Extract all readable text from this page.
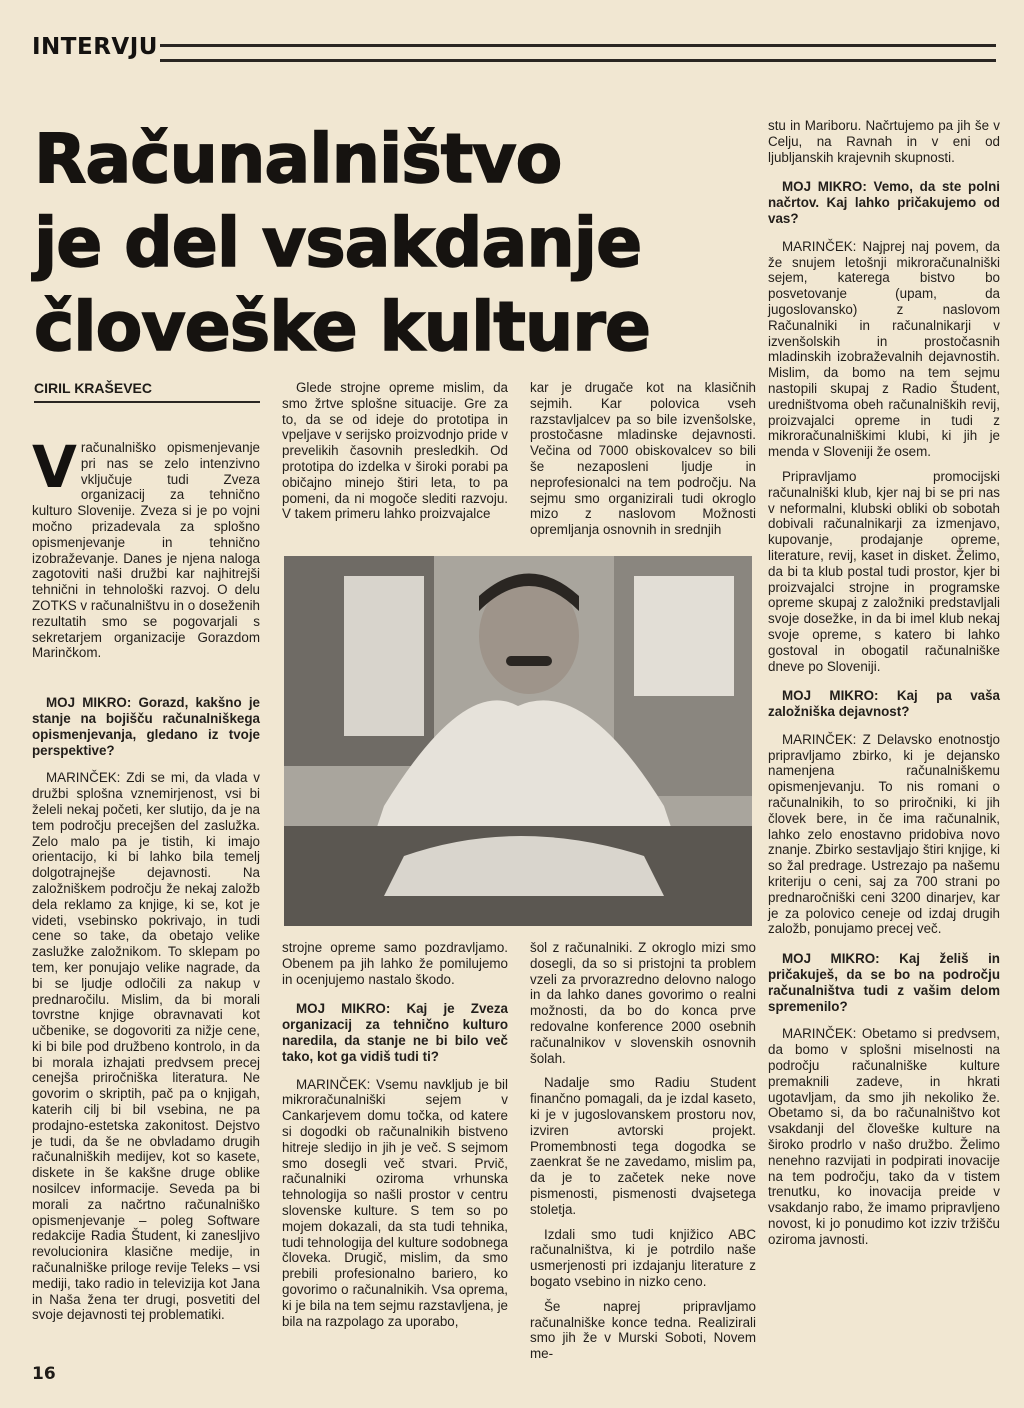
INTERVJU
Računalništvo
je del vsakdanje
človeške kulture
CIRIL KRAŠEVEC

Vračunalniško opismenjevanje pri nas se zelo intenzivno vključuje tudi Zveza organizacij za tehnično kulturo Slovenije. Zveza si je po vojni močno prizadevala za splošno opismenjevanje in tehnično izobraževanje. Danes je njena naloga zagotoviti naši družbi kar najhitrejši tehnični in tehnološki razvoj. O delu ZOTKS v računalništvu in o doseženih rezultatih smo se pogovarjali s sekretarjem organizacije Gorazdom Marinčkom.

MOJ MIKRO: Gorazd, kakšno je stanje na bojišču računalniškega opismenjevanja, gledano iz tvoje perspektive?

MARINČEK: Zdi se mi, da vlada v družbi splošna vznemirjenost, vsi bi želeli nekaj početi, ker slutijo, da je na tem področju precejšen del zaslužka. Zelo malo pa je tistih, ki imajo orientacijo, ki bi lahko bila temelj dolgotrajnejše dejavnosti. Na založniškem področju že nekaj založb dela reklamo za knjige, ki se, kot je videti, vsebinsko pokrivajo, in tudi cene so take, da obetajo velike zaslužke založnikom. To sklepam po tem, ker ponujajo velike nagrade, da bi se ljudje odločili za nakup v prednaročilu. Mislim, da bi morali tovrstne knjige obravnavati kot učbenike, se dogovoriti za nižje cene, ki bi bile pod družbeno kontrolo, in da bi morala izhajati predvsem precej cenejša priročniška literatura. Ne govorim o skriptih, pač pa o knjigah, katerih cilj bi bil vsebina, ne pa prodajno-estetska zakonitost. Dejstvo je tudi, da še ne obvladamo drugih računalniških medijev, kot so kasete, diskete in še kakšne druge oblike nosilcev informacije. Seveda pa bi morali za načrtno računalniško opismenjevanje – poleg Software redakcije Radia Študent, ki zanesljivo revolucionira klasične medije, in računalniške priloge revije Teleks – vsi mediji, tako radio in televizija kot Jana in Naša žena ter drugi, posvetiti del svoje dejavnosti tej problematiki.

Glede strojne opreme mislim, da smo žrtve splošne situacije. Gre za to, da se od ideje do prototipa in vpeljave v serijsko proizvodnjo pride v prevelikih časovnih presledkih. Od prototipa do izdelka v široki porabi pa običajno minejo štiri leta, to pa pomeni, da ni mogoče slediti razvoju. V takem primeru lahko proizvajalce

kar je drugače kot na klasičnih sejmih. Kar polovica vseh razstavljalcev pa so bile izvenšolske, prostočasne mladinske dejavnosti. Večina od 7000 obiskovalcev so bili še nezaposleni ljudje in neprofesionalci na tem področju. Na sejmu smo organizirali tudi okroglo mizo z naslovom Možnosti opremljanja osnovnih in srednjih

strojne opreme samo pozdravljamo. Obenem pa jih lahko že pomilujemo in ocenjujemo nastalo škodo.

MOJ MIKRO: Kaj je Zveza organizacij za tehnično kulturo naredila, da stanje ne bi bilo več tako, kot ga vidiš tudi ti?

MARINČEK: Vsemu navkljub je bil mikroračunalniški sejem v Cankarjevem domu točka, od katere si dogodki ob računalnikih bistveno hitreje sledijo in jih je več. S sejmom smo dosegli več stvari. Prvič, računalniki oziroma vrhunska tehnologija so našli prostor v centru slovenske kulture. S tem so po mojem dokazali, da sta tudi tehnika, tudi tehnologija del kulture sodobnega človeka. Drugič, mislim, da smo prebili profesionalno bariero, ko govorimo o računalnikih. Vsa oprema, ki je bila na tem sejmu razstavljena, je bila na razpolago za uporabo,

šol z računalniki. Z okroglo mizi smo dosegli, da so si pristojni ta problem vzeli za prvorazredno delovno nalogo in da lahko danes govorimo o realni možnosti, da bo do konca prve redovalne konference 2000 osebnih računalnikov v slovenskih osnovnih šolah.

Nadalje smo Radiu Student finančno pomagali, da je izdal kaseto, ki je v jugoslovanskem prostoru nov, izviren avtorski projekt. Promembnosti tega dogodka se zaenkrat še ne zavedamo, mislim pa, da je to začetek neke nove pismenosti, pismenosti dvajsetega stoletja.

Izdali smo tudi knjižico ABC računalništva, ki je potrdilo naše usmerjenosti pri izdajanju literature z bogato vsebino in nizko ceno.

Še naprej pripravljamo računalniške konce tedna. Realizirali smo jih že v Murski Soboti, Novem me-

stu in Mariboru. Načrtujemo pa jih še v Celju, na Ravnah in v eni od ljubljanskih krajevnih skupnosti.

MOJ MIKRO: Vemo, da ste polni načrtov. Kaj lahko pričakujemo od vas?

MARINČEK: Najprej naj povem, da že snujem letošnji mikroračunalniški sejem, katerega bistvo bo posvetovanje (upam, da jugoslovansko) z naslovom Računalniki in računalnikarji v izvenšolskih in prostočasnih mladinskih izobraževalnih dejavnostih. Mislim, da bomo na tem sejmu nastopili skupaj z Radio Študent, uredništvoma obeh računalniških revij, proizvajalci opreme in tudi z mikroračunalniškimi klubi, ki jih je menda v Sloveniji že osem.

Pripravljamo promocijski računalniški klub, kjer naj bi se pri nas v neformalni, klubski obliki ob sobotah dobivali računalnikarji za izmenjavo, kupovanje, prodajanje opreme, literature, revij, kaset in disket. Želimo, da bi ta klub postal tudi prostor, kjer bi proizvajalci strojne in programske opreme skupaj z založniki predstavljali svoje dosežke, in da bi imel klub nekaj svoje opreme, s katero bi lahko gostoval in obogatil računalniške dneve po Sloveniji.

MOJ MIKRO: Kaj pa vaša založniška dejavnost?

MARINČEK: Z Delavsko enotnostjo pripravljamo zbirko, ki je dejansko namenjena računalniškemu opismenjevanju. To nis romani o računalnikih, to so priročniki, ki jih človek bere, in če ima računalnik, lahko zelo enostavno pridobiva novo znanje. Zbirko sestavljajo štiri knjige, ki so žal predrage. Ustrezajo pa našemu kriteriju o ceni, saj za 700 strani po prednaročniški ceni 3200 dinarjev, kar je za polovico ceneje od izdaj drugih založb, ponujamo precej več.

MOJ MIKRO: Kaj želiš in pričakuješ, da se bo na področju računalništva tudi z vašim delom spremenilo?

MARINČEK: Obetamo si predvsem, da bomo v splošni miselnosti na področju računalniške kulture premaknili zadeve, in hkrati ugotavljam, da smo jih nekoliko že. Obetamo si, da bo računalništvo kot vsakdanji del človeške kulture na široko prodrlo v našo družbo. Želimo nenehno razvijati in podpirati inovacije na tem področju, tako da v tistem trenutku, ko inovacija preide v vsakdanjo rabo, že imamo pripravljeno novost, ki jo ponudimo kot izziv tržišču oziroma javnosti.

16
